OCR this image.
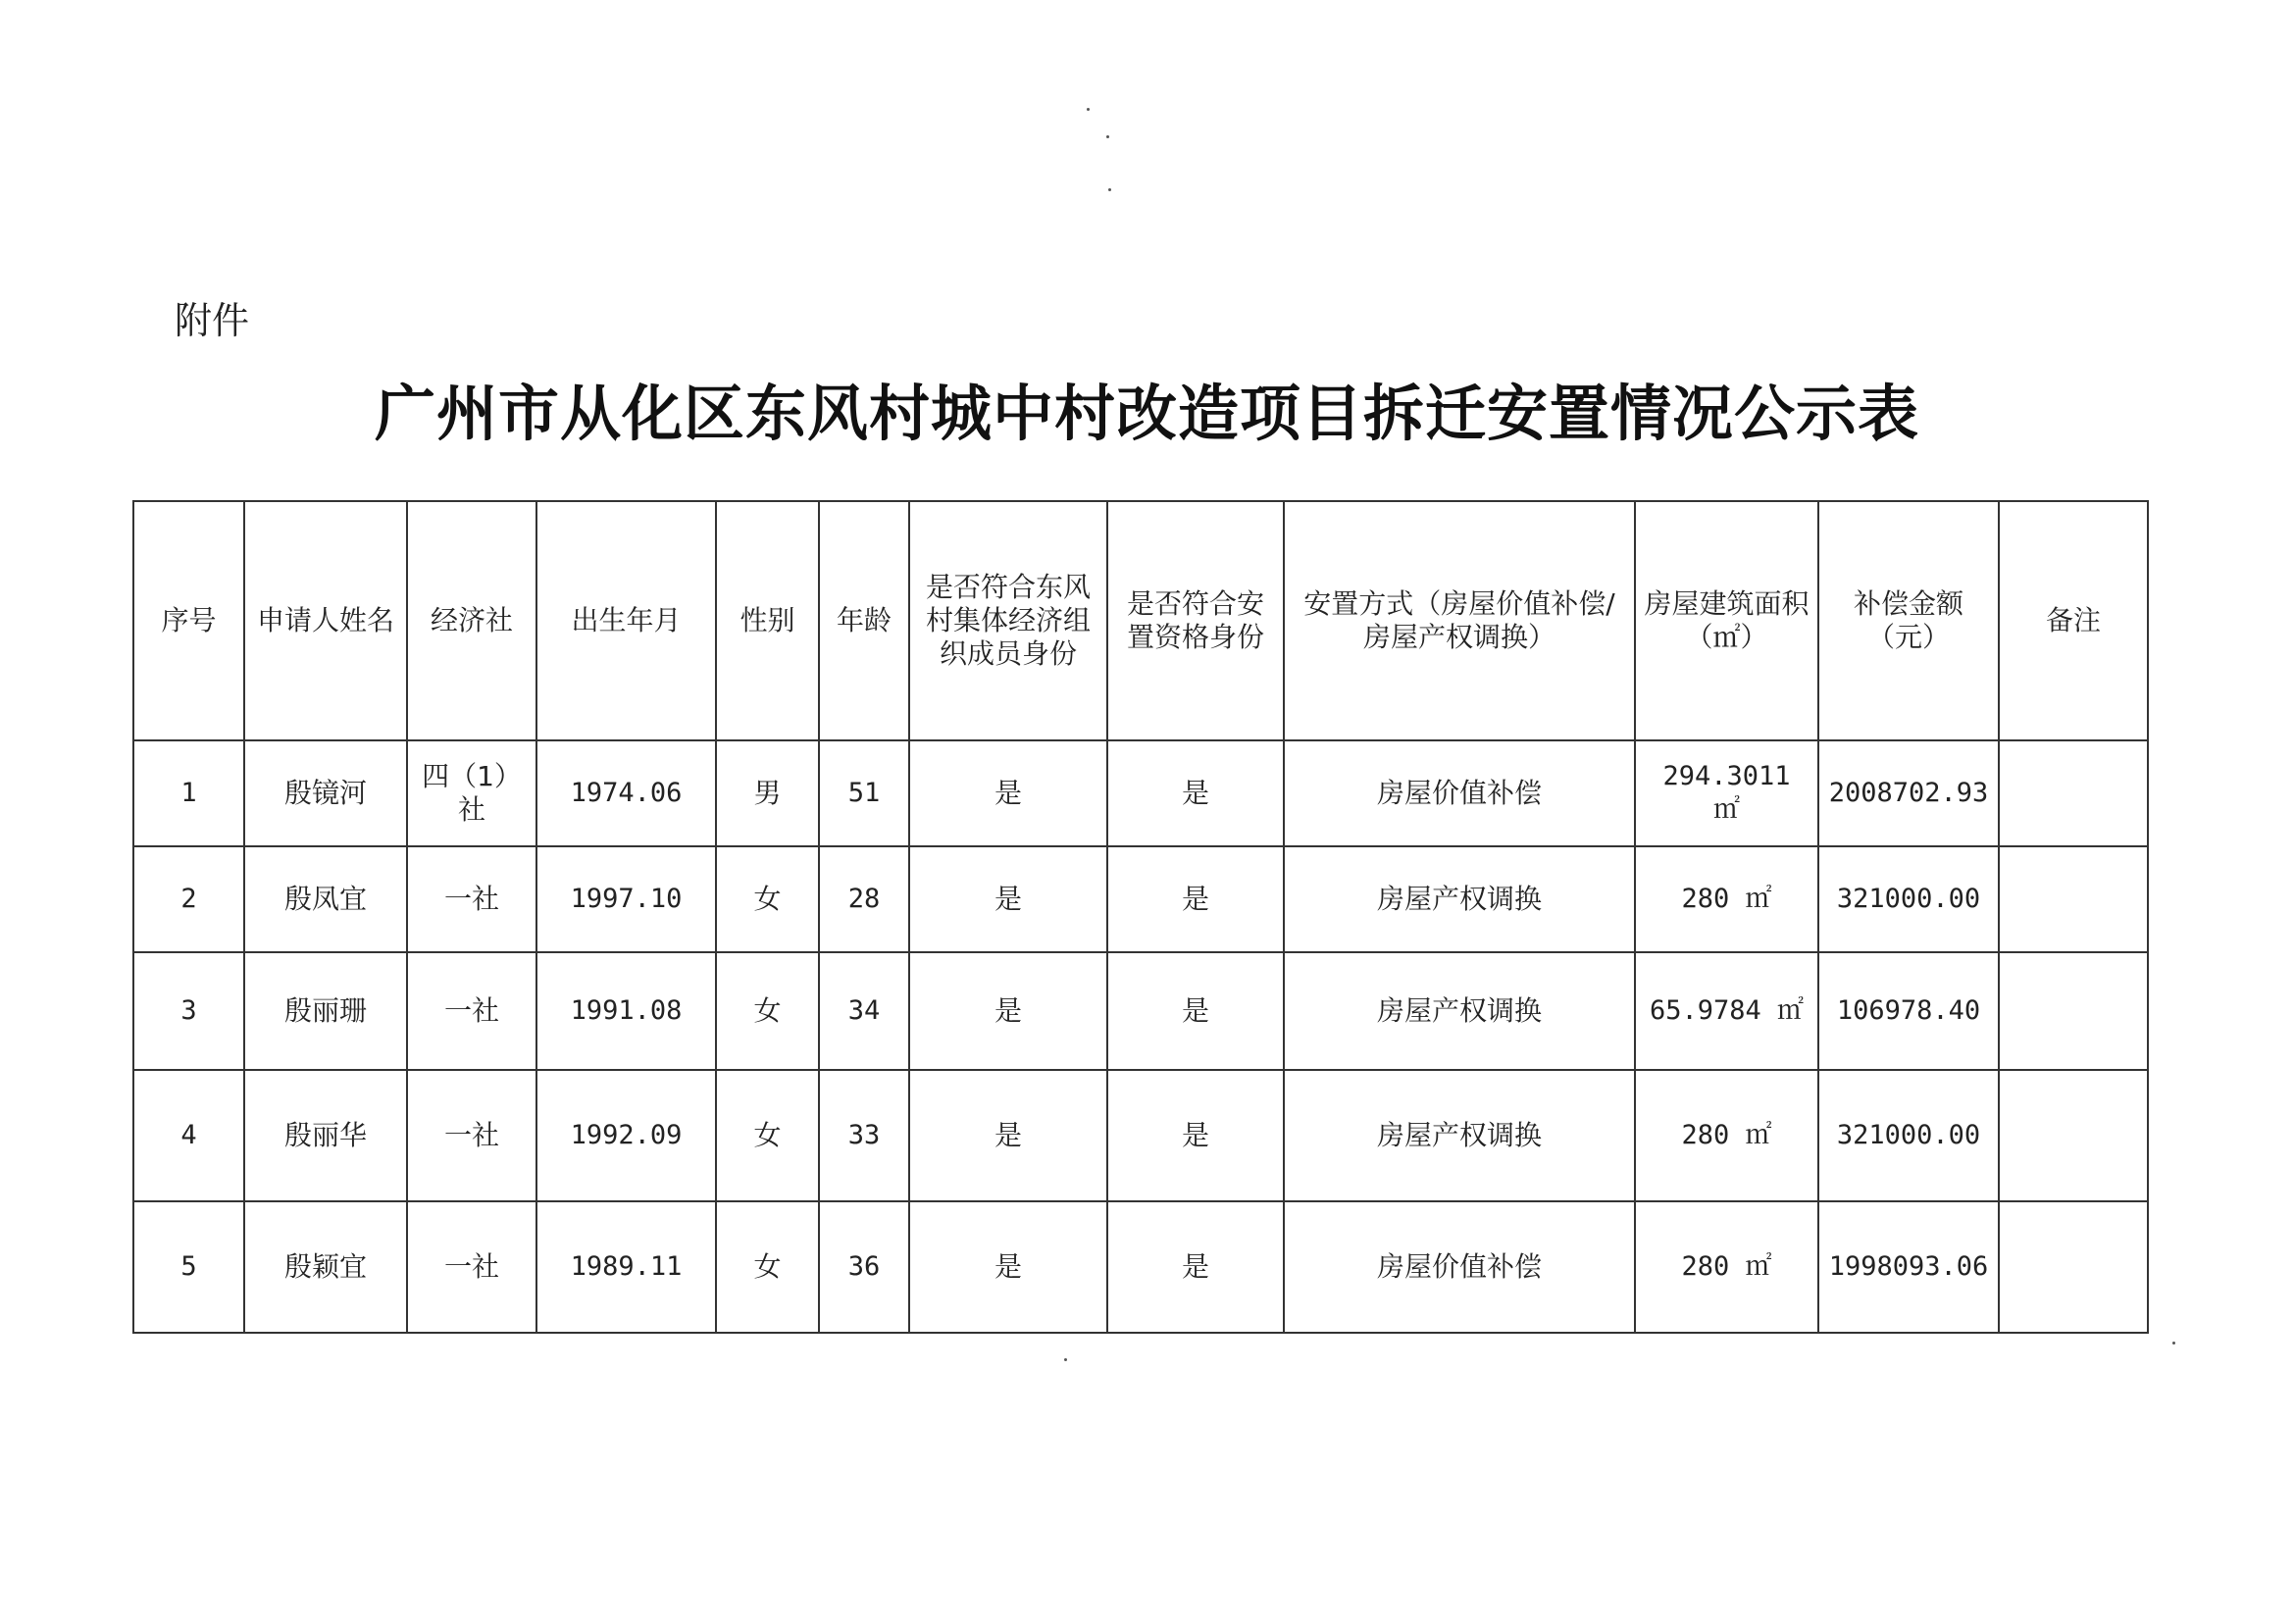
附件
广州市从化区东风村城中村改造项目拆迁安置情况公示表
序号	申请人姓名	经济社	出生年月	性别	年龄	是否符合东风村集体经济组织成员身份	是否符合安置资格身份	安置方式（房屋价值补偿/房屋产权调换）	房屋建筑面积（㎡）	补偿金额（元）	备注
1	殷镜河	四（1）社	1974.06	男	51	是	是	房屋价值补偿	294.3011 ㎡	2008702.93	
2	殷凤宜	一社	1997.10	女	28	是	是	房屋产权调换	280 ㎡	321000.00	
3	殷丽珊	一社	1991.08	女	34	是	是	房屋产权调换	65.9784 ㎡	106978.40	
4	殷丽华	一社	1992.09	女	33	是	是	房屋产权调换	280 ㎡	321000.00	
5	殷颖宜	一社	1989.11	女	36	是	是	房屋价值补偿	280 ㎡	1998093.06	
